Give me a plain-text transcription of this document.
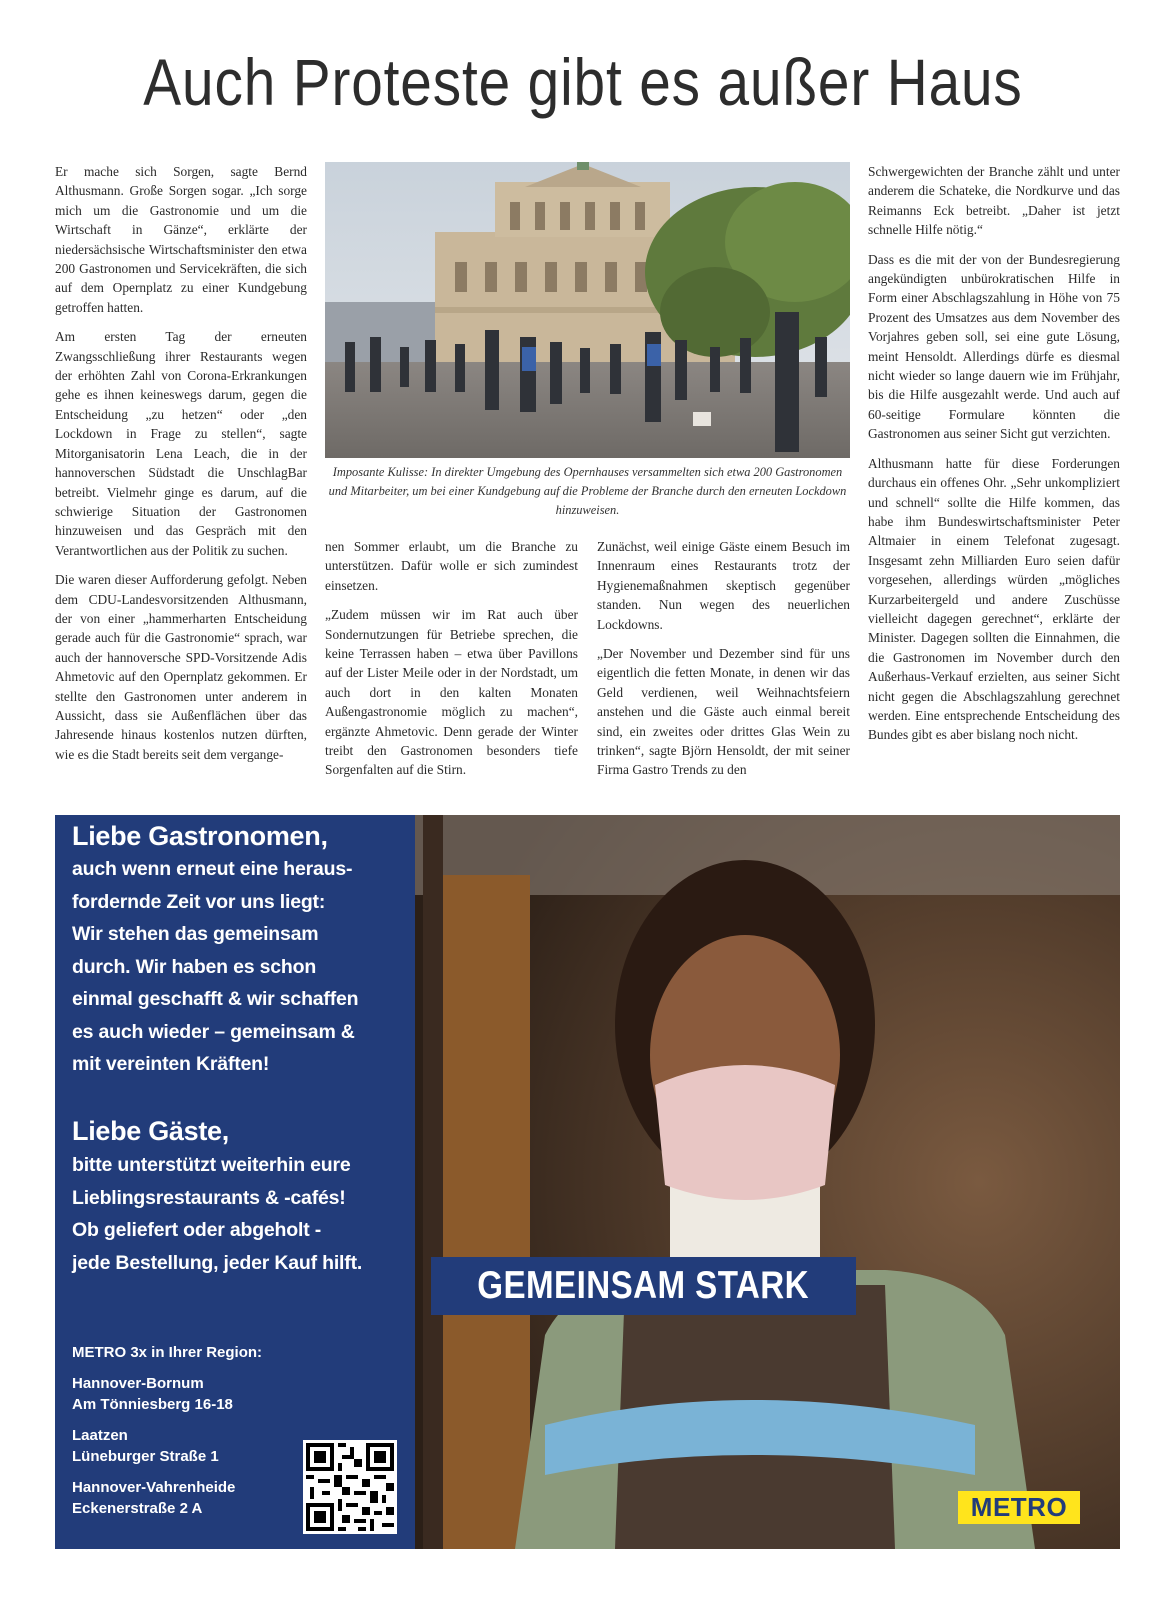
Auch Proteste gibt es außer Haus

Er mache sich Sorgen, sagte Bernd Althusmann. Große Sorgen sogar. „Ich sorge mich um die Gastronomie und um die Wirtschaft in Gänze“, erklärte der niedersächsische Wirtschaftsminister den etwa 200 Gastronomen und Servicekräften, die sich auf dem Opernplatz zu einer Kundgebung getroffen hatten.

Am ersten Tag der erneuten Zwangsschließung ihrer Restaurants wegen der erhöhten Zahl von Corona-Erkrankungen gehe es ihnen keineswegs darum, gegen die Entscheidung „zu hetzen“ oder „den Lockdown in Frage zu stellen“, sagte Mitorganisatorin Lena Leach, die in der hannoverschen Südstadt die UnschlagBar betreibt. Vielmehr ginge es darum, auf die schwierige Situation der Gastronomen hinzuweisen und das Gespräch mit den Verantwortlichen aus der Politik zu suchen.

Die waren dieser Aufforderung gefolgt. Neben dem CDU-Landesvorsitzenden Althusmann, der von einer „hammerharten Entscheidung gerade auch für die Gastronomie“ sprach, war auch der hannoversche SPD-Vorsitzende Adis Ahmetovic auf den Opernplatz gekommen. Er stellte den Gastronomen unter anderem in Aussicht, dass sie Außenflächen über das Jahresende hinaus kostenlos nutzen dürften, wie es die Stadt bereits seit dem vergange-

Imposante Kulisse: In direkter Umgebung des Opernhauses versammelten sich etwa 200 Gastronomen und Mitarbeiter, um bei einer Kundgebung auf die Probleme der Branche durch den erneuten Lockdown hinzuweisen.

nen Sommer erlaubt, um die Branche zu unterstützen. Dafür wolle er sich zumindest einsetzen.

„Zudem müssen wir im Rat auch über Sondernutzungen für Betriebe sprechen, die keine Terrassen haben – etwa über Pavillons auf der Lister Meile oder in der Nordstadt, um auch dort in den kalten Monaten Außengastronomie möglich zu machen“, ergänzte Ahmetovic. Denn gerade der Winter treibt den Gastronomen besonders tiefe Sorgenfalten auf die Stirn.

Zunächst, weil einige Gäste einem Besuch im Innenraum eines Restaurants trotz der Hygienemaßnahmen skeptisch gegenüber standen. Nun wegen des neuerlichen Lockdowns.

„Der November und Dezember sind für uns eigentlich die fetten Monate, in denen wir das Geld verdienen, weil Weihnachtsfeiern anstehen und die Gäste auch einmal bereit sind, ein zweites oder drittes Glas Wein zu trinken“, sagte Björn Hensoldt, der mit seiner Firma Gastro Trends zu den

Schwergewichten der Branche zählt und unter anderem die Schateke, die Nordkurve und das Reimanns Eck betreibt. „Daher ist jetzt schnelle Hilfe nötig.“

Dass es die mit der von der Bundesregierung angekündigten unbürokratischen Hilfe in Form einer Abschlagszahlung in Höhe von 75 Prozent des Umsatzes aus dem November des Vorjahres geben soll, sei eine gute Lösung, meint Hensoldt. Allerdings dürfe es diesmal nicht wieder so lange dauern wie im Frühjahr, bis die Hilfe ausgezahlt werde. Und auch auf 60-seitige Formulare könnten die Gastronomen aus seiner Sicht gut verzichten.

Althusmann hatte für diese Forderungen durchaus ein offenes Ohr. „Sehr unkompliziert und schnell“ sollte die Hilfe kommen, das habe ihm Bundeswirtschaftsminister Peter Altmaier in einem Telefonat zugesagt. Insgesamt zehn Milliarden Euro seien dafür vorgesehen, allerdings würden „mögliches Kurzarbeitergeld und andere Zuschüsse vielleicht dagegen gerechnet“, erklärte der Minister. Dagegen sollten die Einnahmen, die die Gastronomen im November durch den Außerhaus-Verkauf erzielten, aus seiner Sicht nicht gegen die Abschlagszahlung gerechnet werden. Eine entsprechende Entscheidung des Bundes gibt es aber bislang noch nicht.

Liebe Gastronomen,
auch wenn erneut eine heraus-
fordernde Zeit vor uns liegt:
Wir stehen das gemeinsam
durch. Wir haben es schon
einmal geschafft & wir schaffen
es auch wieder – gemeinsam &
mit vereinten Kräften!
Liebe Gäste,
bitte unterstützt weiterhin eure
Lieblingsrestaurants & -cafés!
Ob geliefert oder abgeholt -
jede Bestellung, jeder Kauf hilft.
METRO 3x in Ihrer Region:
Hannover-Bornum
Am Tönniesberg 16-18
Laatzen
Lüneburger Straße 1
Hannover-Vahrenheide
Eckenerstraße 2 A
GEMEINSAM STARK
METRO
